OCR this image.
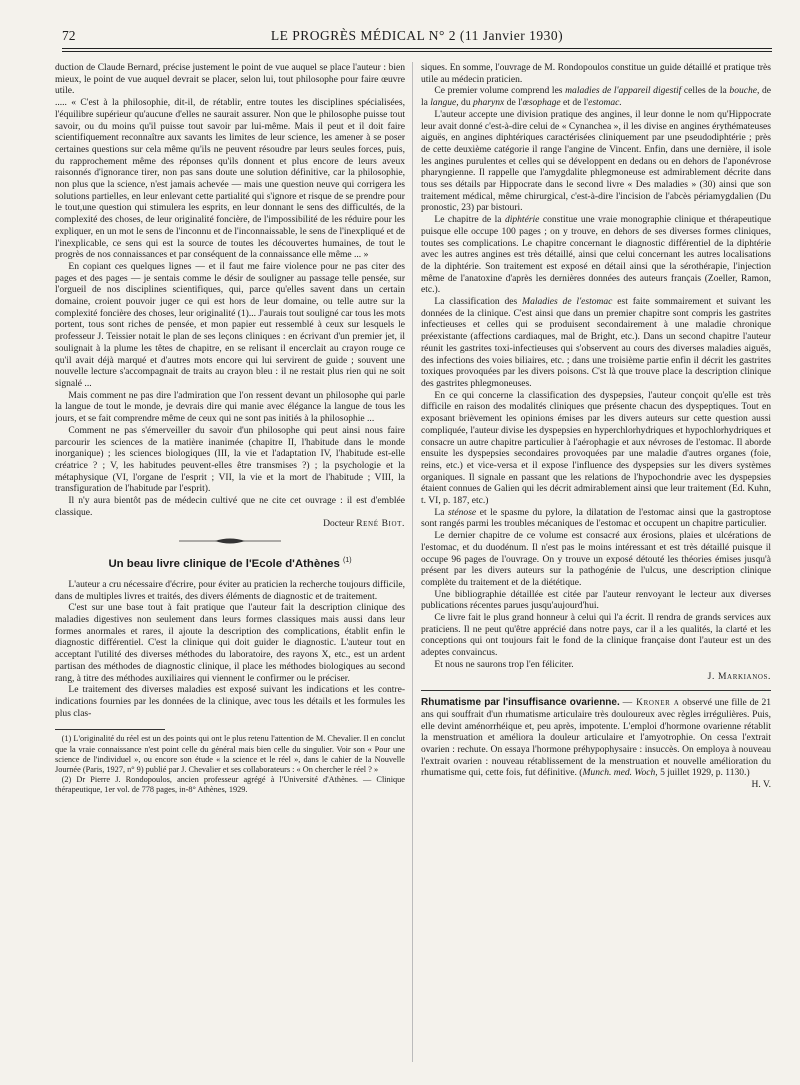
72	LE PROGRÈS MÉDICAL N° 2 (11 Janvier 1930)

duction de Claude Bernard, précise justement le point de vue auquel se place l'auteur : bien mieux, le point de vue auquel devrait se placer, selon lui, tout philosophe pour faire œuvre utile.

..... « C'est à la philosophie, dit-il, de rétablir, entre toutes les disciplines spécialisées, l'équilibre supérieur qu'aucune d'elles ne saurait assurer. Non que le philosophe puisse tout savoir, ou du moins qu'il puisse tout savoir par lui-même. Mais il peut et il doit faire scientifiquement reconnaître aux savants les limites de leur science, les amener à se poser certaines questions sur cela même qu'ils ne peuvent résoudre par leurs seules forces, puis, du rapprochement même des réponses qu'ils donnent et plus encore de leurs aveux raisonnés d'ignorance tirer, non pas sans doute une solution définitive, car la philosophie, non plus que la science, n'est jamais achevée — mais une question neuve qui corrigera les solutions partielles, en leur enlevant cette partialité qui s'ignore et risque de se prendre pour le tout,une question qui stimulera les esprits, en leur donnant le sens des difficultés, de la complexité des choses, de leur originalité foncière, de l'impossibilité de les réduire pour les expliquer, en un mot le sens de l'inconnu et de l'inconnaissable, le sens de l'inexpliqué et de l'inexplicable, ce sens qui est la source de toutes les découvertes humaines, de tout le progrès de nos connaissances et par conséquent de la connaissance elle même ... »

En copiant ces quelques lignes — et il faut me faire violence pour ne pas citer des pages et des pages — je sentais comme le désir de souligner au passage telle pensée, sur l'orgueil de nos disciplines scientifiques, qui, parce qu'elles savent dans un certain domaine, croient pouvoir juger ce qui est hors de leur domaine, ou telle autre sur la complexité foncière des choses, leur originalité (1)... J'aurais tout souligné car tous les mots portent, tous sont riches de pensée, et mon papier eut ressemblé à ceux sur lesquels le professeur J. Teissier notait le plan de ses leçons cliniques : en écrivant d'un premier jet, il soulignait à la plume les têtes de chapitre, en se relisant il encerclait au crayon rouge ce qu'il avait déjà marqué et d'autres mots encore qui lui servirent de guide ; souvent une nouvelle lecture s'accompagnait de traits au crayon bleu : il ne restait plus rien qui ne soit signalé ...

Mais comment ne pas dire l'admiration que l'on ressent devant un philosophe qui parle la langue de tout le monde, je devrais dire qui manie avec élégance la langue de tous les jours, et se fait comprendre même de ceux qui ne sont pas initiés à la philosophie ...

Comment ne pas s'émerveiller du savoir d'un philosophe qui peut ainsi nous faire parcourir les sciences de la matière inanimée (chapitre II, l'habitude dans le monde inorganique) ; les sciences biologiques (III, la vie et l'adaptation IV, l'habitude est-elle créatrice ? ; V, les habitudes peuvent-elles être transmises ?) ; la psychologie et la métaphysique (VI, l'organe de l'esprit ; VII, la vie et la mort de l'habitude ; VIII, la transfiguration de l'habitude par l'esprit).

Il n'y aura bientôt pas de médecin cultivé que ne cite cet ouvrage : il est d'emblée classique.

Docteur René Biot.

Un beau livre clinique de l'Ecole d'Athènes $^{(1)}$

L'auteur a cru nécessaire d'écrire, pour éviter au praticien la recherche toujours difficile, dans de multiples livres et traités, des divers éléments de diagnostic et de traitement.

C'est sur une base tout à fait pratique que l'auteur fait la description clinique des maladies digestives non seulement dans leurs formes classiques mais aussi dans leur formes anormales et rares, il ajoute la description des complications, établit enfin le diagnostic différentiel. C'est la clinique qui doit guider le diagnostic. L'auteur tout en acceptant l'utilité des diverses méthodes du laboratoire, des rayons X, etc., est un ardent partisan des méthodes de diagnostic clinique, il place les méthodes biologiques au second rang, à titre des méthodes auxiliaires qui viennent le confirmer ou le préciser.

Le traitement des diverses maladies est exposé suivant les indications et les contre-indications fournies par les données de la clinique, avec tous les détails et les formules les plus clas-

(1) L'originalité du réel est un des points qui ont le plus retenu l'attention de M. Chevalier. Il en conclut que la vraie connaissance n'est point celle du général mais bien celle du singulier. Voir son « Pour une science de l'individuel », ou encore son étude « la science et le réel », dans le cahier de la Nouvelle Journée (Paris, 1927, n° 9) publié par J. Chevalier et ses collaborateurs : « On chercher le réel ? »

(2) Dr Pierre J. Rondopoulos, ancien professeur agrégé à l'Université d'Athènes. — Clinique thérapeutique, 1er vol. de 778 pages, in-8° Athènes, 1929.

siques. En somme, l'ouvrage de M. Rondopoulos constitue un guide détaillé et pratique très utile au médecin praticien.

Ce premier volume comprend les maladies de l'appareil digestif celles de la bouche, de la langue, du pharynx de l'œsophage et de l'estomac.

L'auteur accepte une division pratique des angines, il leur donne le nom qu'Hippocrate leur avait donné c'est-à-dire celui de « Cynanchea », il les divise en angines érythémateuses aiguës, en angines diphtériques caractérisées cliniquement par une pseudodiphtérie ; près de cette deuxième catégorie il range l'angine de Vincent. Enfin, dans une dernière, il isole les angines purulentes et celles qui se développent en dedans ou en dehors de l'aponévrose pharyngienne. Il rappelle que l'amygdalite phlegmoneuse est admirablement décrite dans tous ses détails par Hippocrate dans le second livre « Des maladies » (30) ainsi que son traitement médical, même chirurgical, c'est-à-dire l'incision de l'abcès périamygdalien (Du pronostic, 23) par bistouri.

Le chapitre de la diphtérie constitue une vraie monographie clinique et thérapeutique puisque elle occupe 100 pages ; on y trouve, en dehors de ses diverses formes cliniques, toutes ses complications. Le chapitre concernant le diagnostic différentiel de la diphtérie avec les autres angines est très détaillé, ainsi que celui concernant les autres localisations de la diphtérie. Son traitement est exposé en détail ainsi que la sérothérapie, l'injection même de l'anatoxine d'après les dernières données des auteurs français (Zoeller, Ramon, etc.).

La classification des Maladies de l'estomac est faite sommairement et suivant les données de la clinique. C'est ainsi que dans un premier chapitre sont compris les gastrites infectieuses et celles qui se produisent secondairement à une maladie chronique préexistante (affections cardiaques, mal de Bright, etc.). Dans un second chapitre l'auteur réunit les gastrites toxi-infectieuses qui s'observent au cours des diverses maladies aiguës, des infections des voies biliaires, etc. ; dans une troisième partie enfin il décrit les gastrites toxiques provoquées par les divers poisons. C'st là que trouve place la description clinique des gastrites phlegmoneuses.

En ce qui concerne la classification des dyspepsies, l'auteur conçoit qu'elle est très difficile en raison des modalités cliniques que présente chacun des dyspeptiques. Tout en exposant brièvement les opinions émises par les divers auteurs sur cette question aussi compliquée, l'auteur divise les dyspepsies en hyperchlorhydriques et hypochlorhydriques et consacre un autre chapitre particulier à l'aérophagie et aux névroses de l'estomac. Il aborde ensuite les dyspepsies secondaires provoquées par une maladie d'autres organes (foie, reins, etc.) et vice-versa et il expose l'influence des dyspepsies sur les divers systèmes organiques. Il signale en passant que les relations de l'hypochondrie avec les dyspepsies étaient connues de Galien qui les décrit admirablement ainsi que leur traitement (Ed. Kuhn, t. VI, p. 187, etc.)

La sténose et le spasme du pylore, la dilatation de l'estomac ainsi que la gastroptose sont rangés parmi les troubles mécaniques de l'estomac et occupent un chapitre particulier.

Le dernier chapitre de ce volume est consacré aux érosions, plaies et ulcérations de l'estomac, et du duodénum. Il n'est pas le moins intéressant et est très détaillé puisque il occupe 96 pages de l'ouvrage. On y trouve un exposé détouté les théories émises jusqu'à présent par les divers auteurs sur la pathogénie de l'ulcus, une description clinique complète du traitement et de la diététique.

Une bibliographie détaillée est citée par l'auteur renvoyant le lecteur aux diverses publications récentes parues jusqu'aujourd'hui.

Ce livre fait le plus grand honneur à celui qui l'a écrit. Il rendra de grands services aux praticiens. Il ne peut qu'être apprécié dans notre pays, car il a les qualités, la clarté et les conceptions qui ont toujours fait le fond de la clinique française dont l'auteur est un des adeptes convaincus.

Et nous ne saurons trop l'en féliciter.

J. Markianos.

Rhumatisme par l'insuffisance ovarienne. — Kroner a observé une fille de 21 ans qui souffrait d'un rhumatisme articulaire très douloureux avec règles irrégulières. Puis, elle devint aménorrhéique et, peu après, impotente. L'emploi d'hormone ovarienne rétablit la menstruation et améliora la douleur articulaire et l'amyotrophie. On cessa l'extrait ovarien : rechute. On essaya l'hormone préhypophysaire : insuccès. On employa à nouveau l'extrait ovarien : nouveau rétablissement de la menstruation et nouvelle amélioration du rhumatisme qui, cette fois, fut définitive. (Munch. med. Woch, 5 juillet 1929, p. 1130.)

H. V.
